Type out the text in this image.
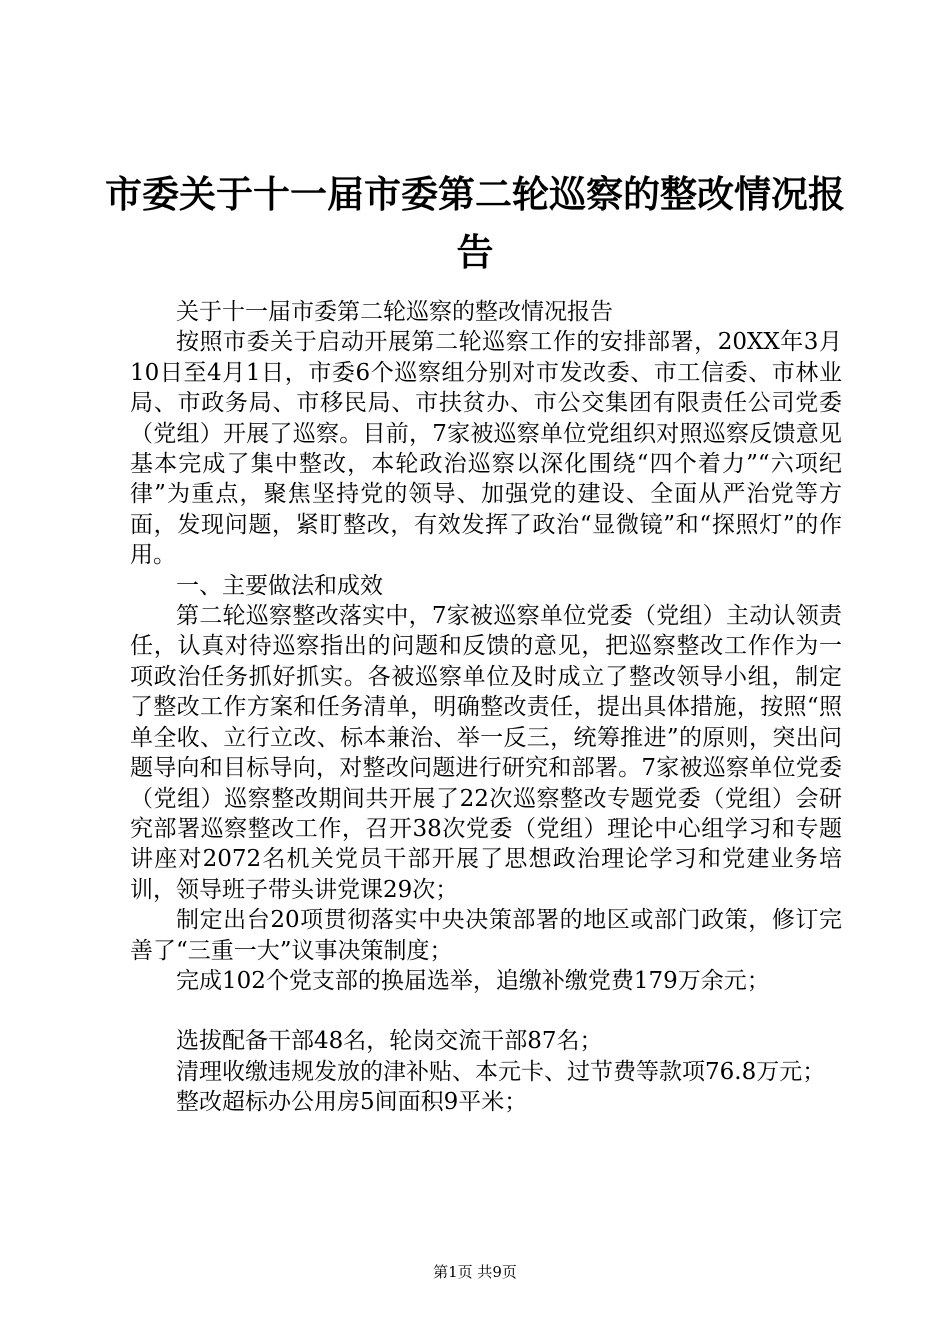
市委关于十一届市委第二轮巡察的整改情况报告

关于十一届市委第二轮巡察的整改情况报告

按照市委关于启动开展第二轮巡察工作的安排部署，20XX年3月10日至4月1日，市委6个巡察组分别对市发改委、市工信委、市林业局、市政务局、市移民局、市扶贫办、市公交集团有限责任公司党委（党组）开展了巡察。目前，7家被巡察单位党组织对照巡察反馈意见基本完成了集中整改，本轮政治巡察以深化围绕“四个着力”“六项纪律”为重点，聚焦坚持党的领导、加强党的建设、全面从严治党等方面，发现问题，紧盯整改，有效发挥了政治“显微镜”和“探照灯”的作用。

一、主要做法和成效

第二轮巡察整改落实中，7家被巡察单位党委（党组）主动认领责任，认真对待巡察指出的问题和反馈的意见，把巡察整改工作作为一项政治任务抓好抓实。各被巡察单位及时成立了整改领导小组，制定了整改工作方案和任务清单，明确整改责任，提出具体措施，按照“照单全收、立行立改、标本兼治、举一反三，统筹推进”的原则，突出问题导向和目标导向，对整改问题进行研究和部署。7家被巡察单位党委（党组）巡察整改期间共开展了22次巡察整改专题党委（党组）会研究部署巡察整改工作，召开38次党委（党组）理论中心组学习和专题讲座对2072名机关党员干部开展了思想政治理论学习和党建业务培训，领导班子带头讲党课29次；

制定出台20项贯彻落实中央决策部署的地区或部门政策，修订完善了“三重一大”议事决策制度；

完成102个党支部的换届选举，追缴补缴党费179万余元；

选拔配备干部48名，轮岗交流干部87名；

清理收缴违规发放的津补贴、本元卡、过节费等款项76.8万元；

整改超标办公用房5间面积9平米；

第1页 共9页
